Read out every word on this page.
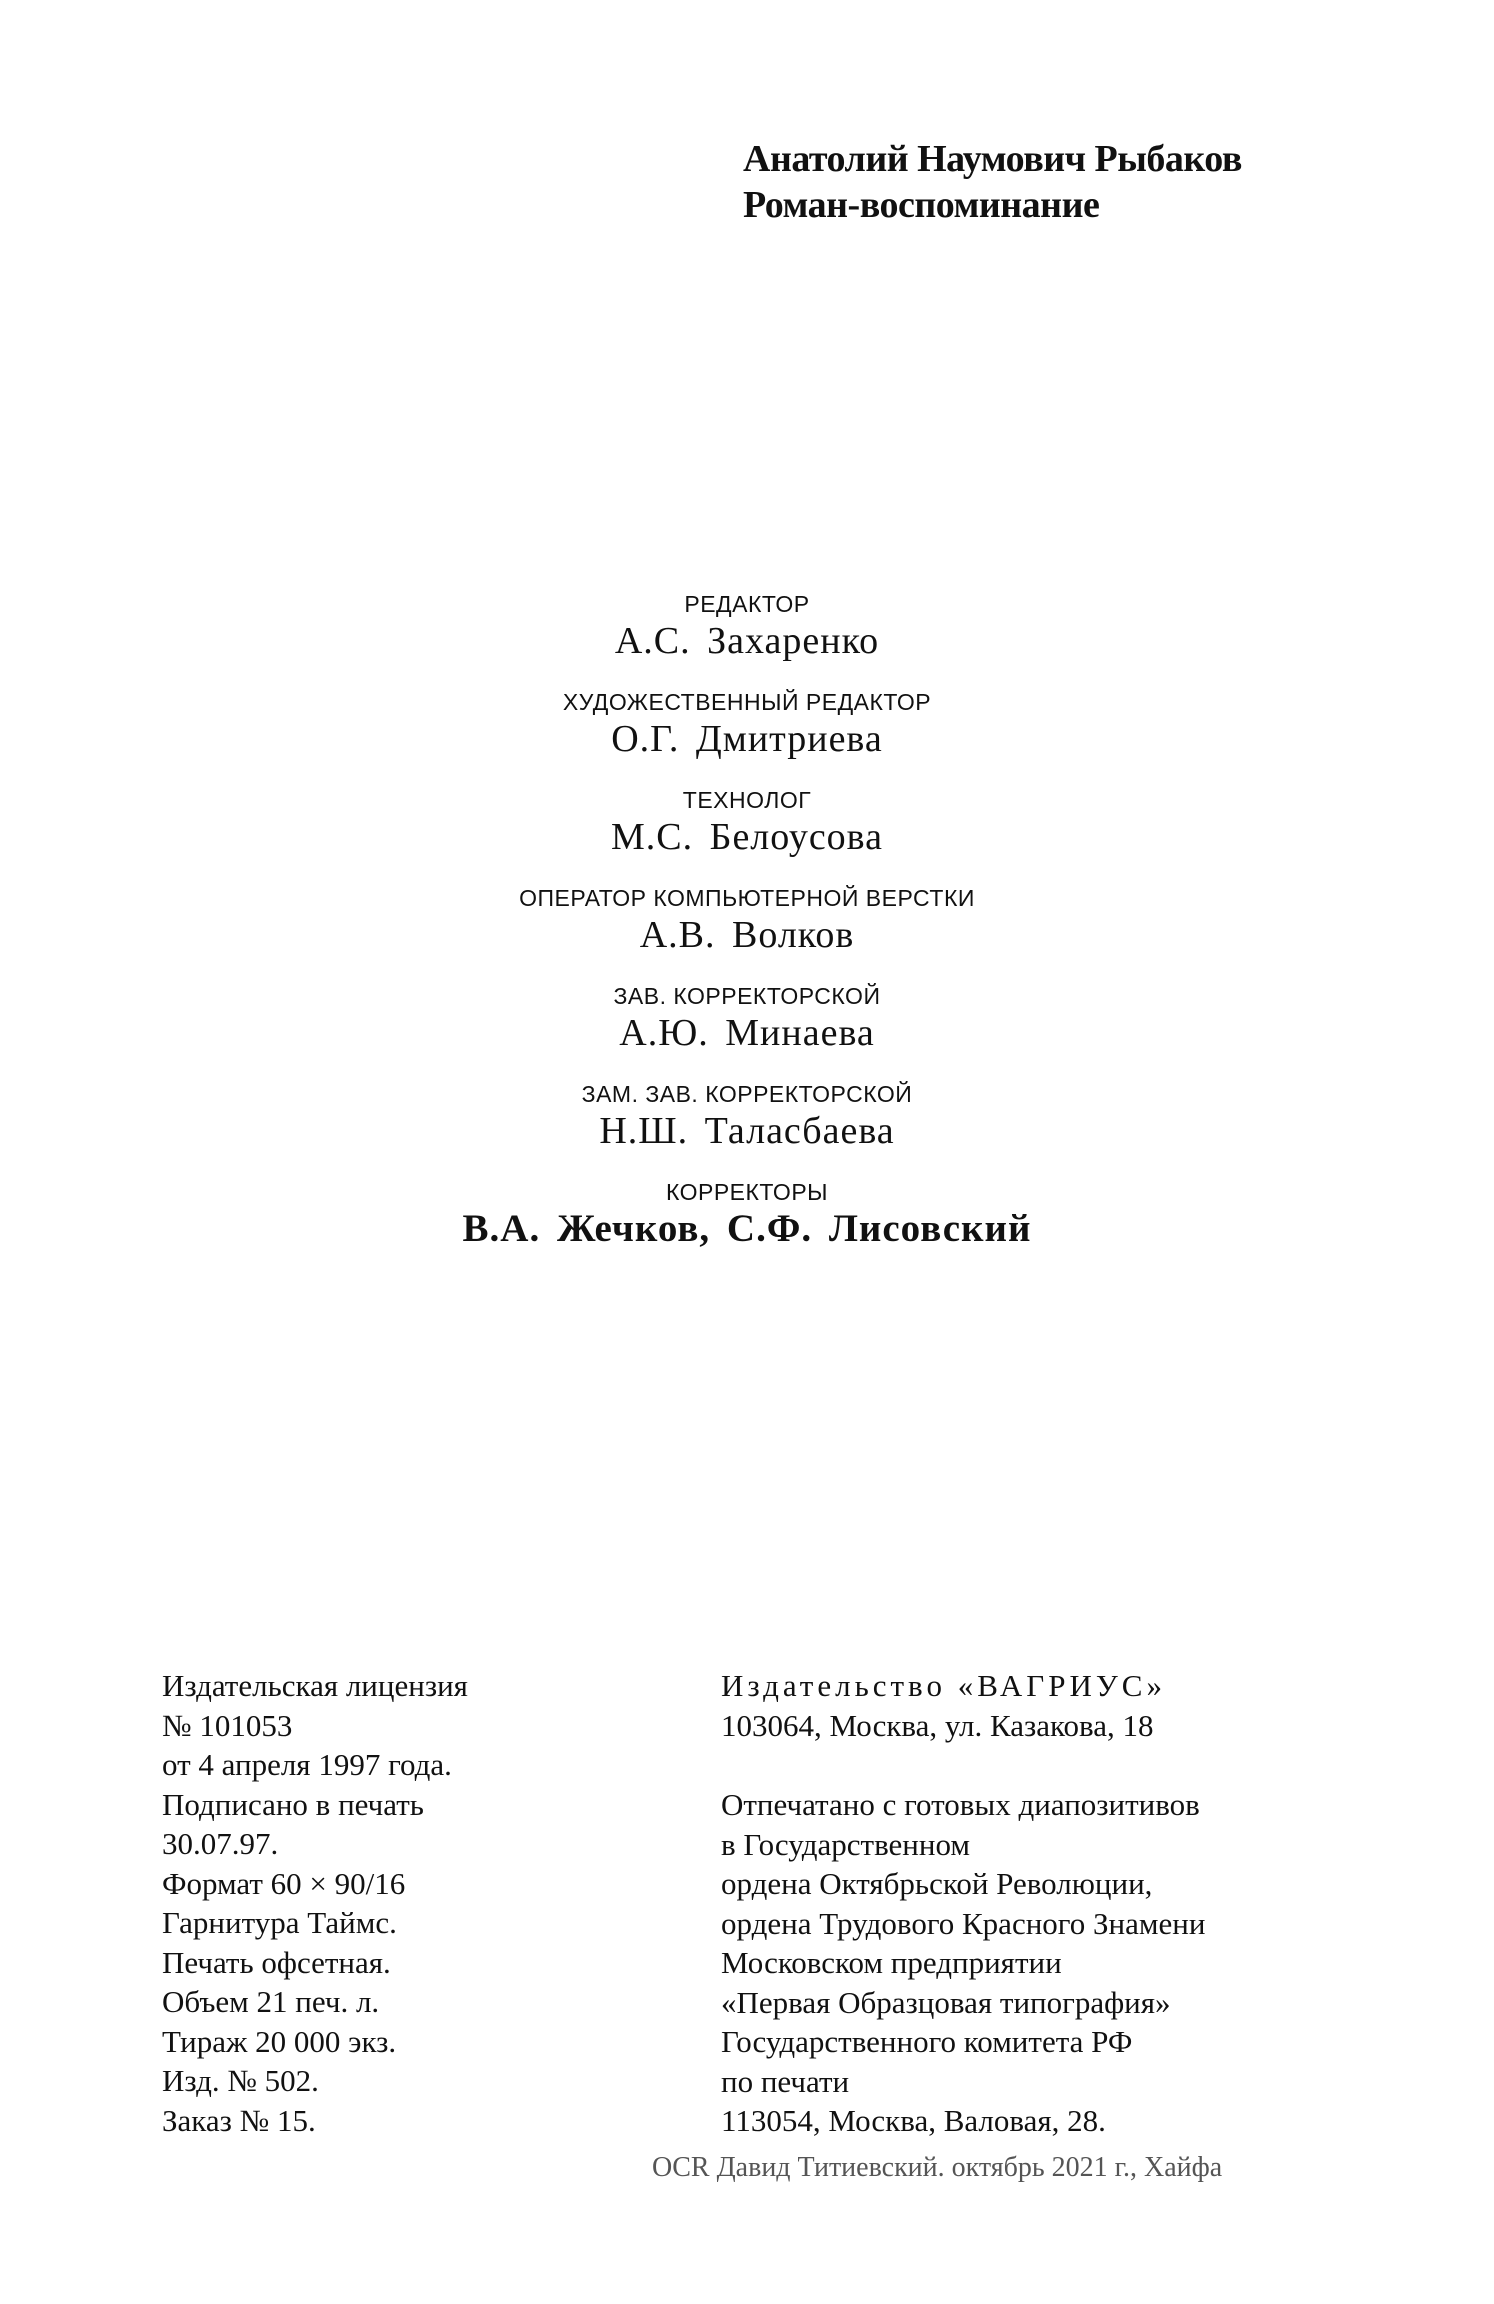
Анатолий Наумович Рыбаков
Роман-воспоминание
РЕДАКТОР
А.С. Захаренко
ХУДОЖЕСТВЕННЫЙ РЕДАКТОР
О.Г. Дмитриева
ТЕХНОЛОГ
М.С. Белоусова
ОПЕРАТОР КОМПЬЮТЕРНОЙ ВЕРСТКИ
А.В. Волков
ЗАВ. КОРРЕКТОРСКОЙ
А.Ю. Минаева
ЗАМ. ЗАВ. КОРРЕКТОРСКОЙ
Н.Ш. Таласбаева
КОРРЕКТОРЫ
В.А. Жечков, С.Ф. Лисовский
Издательская лицензия
№ 101053
от 4 апреля 1997 года.
Подписано в печать
30.07.97.
Формат 60 × 90/16
Гарнитура Таймс.
Печать офсетная.
Объем 21 печ. л.
Тираж 20 000 экз.
Изд. № 502.
Заказ № 15.
Издательство «ВАГРИУС»
103064, Москва, ул. Казакова, 18
Отпечатано с готовых диапозитивов
в Государственном
ордена Октябрьской Революции,
ордена Трудового Красного Знамени
Московском предприятии
«Первая Образцовая типография»
Государственного комитета РФ
по печати
113054, Москва, Валовая, 28.
OCR Давид Титиевский. октябрь 2021 г., Хайфа
